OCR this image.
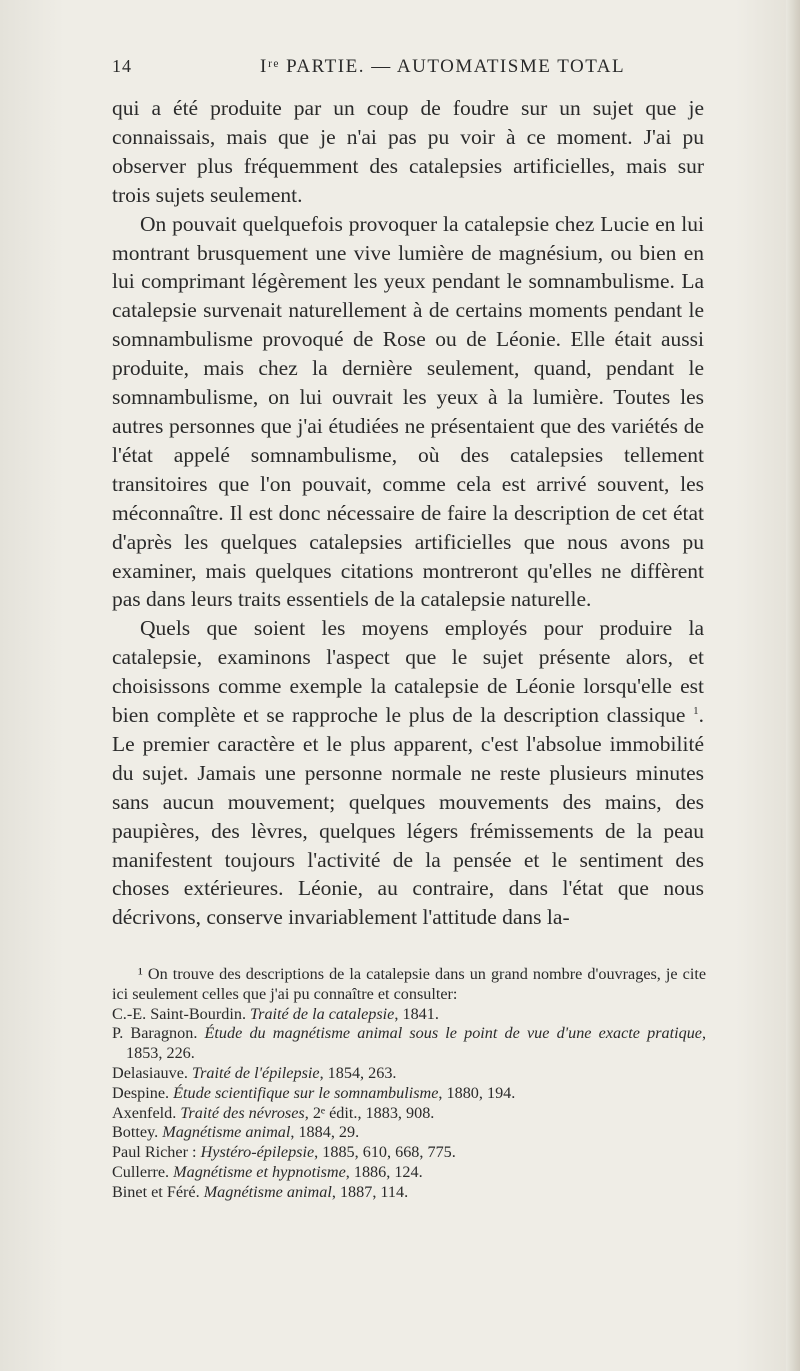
14	Iʳᵉ PARTIE. — AUTOMATISME TOTAL

qui a été produite par un coup de foudre sur un sujet que je connaissais, mais que je n'ai pas pu voir à ce moment. J'ai pu observer plus fréquemment des catalepsies artificielles, mais sur trois sujets seulement.

On pouvait quelquefois provoquer la catalepsie chez Lucie en lui montrant brusquement une vive lumière de magnésium, ou bien en lui comprimant légèrement les yeux pendant le somnambulisme. La catalepsie survenait naturellement à de certains moments pendant le somnambulisme provoqué de Rose ou de Léonie. Elle était aussi produite, mais chez la dernière seulement, quand, pendant le somnambulisme, on lui ouvrait les yeux à la lumière. Toutes les autres personnes que j'ai étudiées ne présentaient que des variétés de l'état appelé somnambulisme, où des catalepsies tellement transitoires que l'on pouvait, comme cela est arrivé souvent, les méconnaître. Il est donc nécessaire de faire la description de cet état d'après les quelques catalepsies artificielles que nous avons pu examiner, mais quelques citations montreront qu'elles ne diffèrent pas dans leurs traits essentiels de la catalepsie naturelle.

Quels que soient les moyens employés pour produire la catalepsie, examinons l'aspect que le sujet présente alors, et choisissons comme exemple la catalepsie de Léonie lorsqu'elle est bien complète et se rapproche le plus de la description classique $^1$. Le premier caractère et le plus apparent, c'est l'absolue immobilité du sujet. Jamais une personne normale ne reste plusieurs minutes sans aucun mouvement; quelques mouvements des mains, des paupières, des lèvres, quelques légers frémissements de la peau manifestent toujours l'activité de la pensée et le sentiment des choses extérieures. Léonie, au contraire, dans l'état que nous décrivons, conserve invariablement l'attitude dans la-

¹ On trouve des descriptions de la catalepsie dans un grand nombre d'ouvrages, je cite ici seulement celles que j'ai pu connaître et consulter:

C.-E. Saint-Bourdin. Traité de la catalepsie, 1841.
P. Baragnon. Étude du magnétisme animal sous le point de vue d'une exacte pratique, 1853, 226.
Delasiauve. Traité de l'épilepsie, 1854, 263.
Despine. Étude scientifique sur le somnambulisme, 1880, 194.
Axenfeld. Traité des névroses, 2ᵉ édit., 1883, 908.
Bottey. Magnétisme animal, 1884, 29.
Paul Richer : Hystéro-épilepsie, 1885, 610, 668, 775.
Cullerre. Magnétisme et hypnotisme, 1886, 124.
Binet et Féré. Magnétisme animal, 1887, 114.
